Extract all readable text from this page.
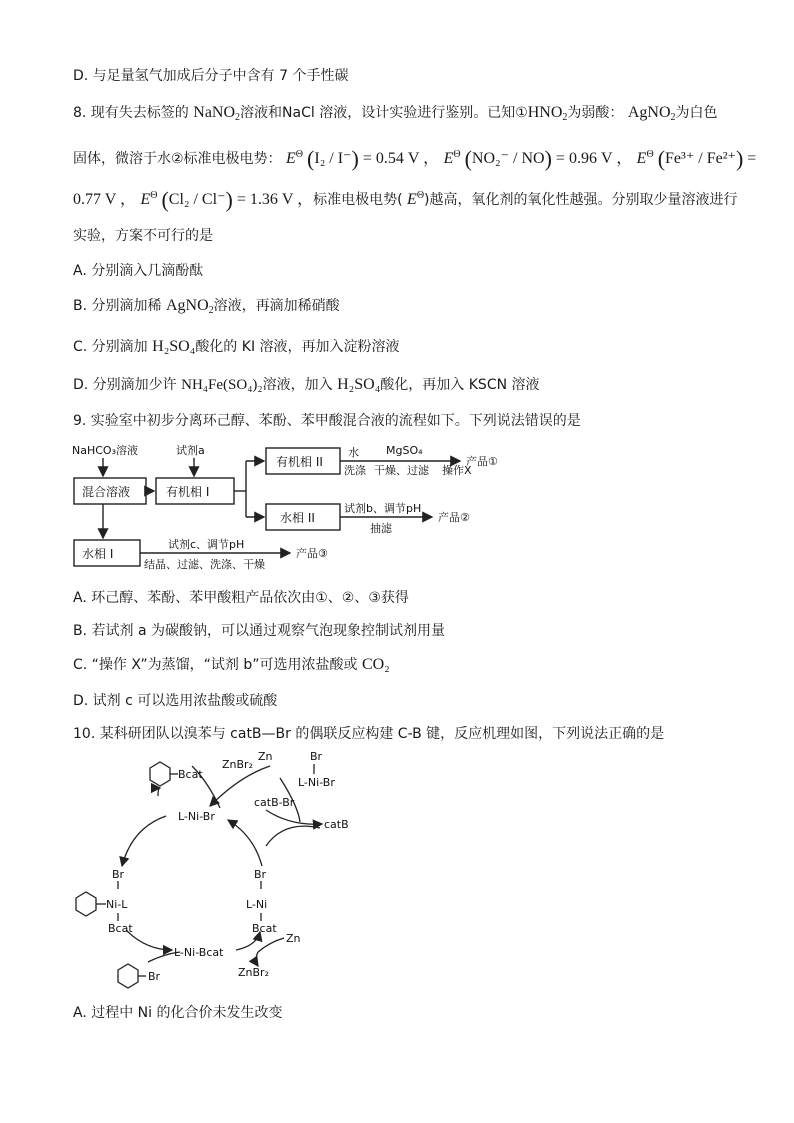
D. 与足量氢气加成后分子中含有 7 个手性碳
8. 现有失去标签的 NaNO$_2$溶液和NaCl 溶液，设计实验进行鉴别。已知$①HNO_2$为弱酸： AgNO$_2$为白色
固体，微溶于水②标准电极电势： $E^\Theta$ (I₂ / I⁻) = 0.54 V ， $E^\Theta$ (NO₂⁻ / NO) = 0.96 V ， $E^\Theta$ (Fe³⁺ / Fe²⁺) =
0.77 V ， $E^\Theta$ (Cl₂ / Cl⁻) = 1.36 V ，标准电极电势( $E^\Theta$)越高，氧化剂的氧化性越强。分别取少量溶液进行
实验，方案不可行的是
A. 分别滴入几滴酚酞
B. 分别滴加稀 AgNO$_2$溶液，再滴加稀硝酸
C. 分别滴加 H₂SO₄酸化的 KI 溶液，再加入淀粉溶液
D. 分别滴加少许 NH₄Fe(SO₄)₂溶液，加入 H₂SO₄酸化，再加入 KSCN 溶液
9. 实验室中初步分离环己醇、苯酚、苯甲酸混合液的流程如下。下列说法错误的是
NaHCO₃溶液	试剂a
混合溶液	有机相 I
有机相 II
水相 II
水相 I
水
洗涤
MgSO₄
干燥、过滤 操作X
产品①
试剂b、调节pH
抽滤
产品②
试剂c、调节pH
结晶、过滤、洗涤、干燥
产品③
A. 环己醇、苯酚、苯甲酸粗产品依次由①、②、③获得
B. 若试剂 a 为碳酸钠，可以通过观察气泡现象控制试剂用量
C. “操作 X”为蒸馏，“试剂 b”可选用浓盐酸或 CO₂
D. 试剂 c 可以选用浓盐酸或硫酸
10. 某科研团队以溴苯与 catB—Br 的偶联反应构建 C-B 键，反应机理如图，下列说法正确的是
Bcat
ZnBr₂
Zn	Br
L-Ni-Br
L-Ni-Br
catB-Br
catB
Br
Ni-L
Bcat
Br
L-Ni
Bcat
L-Ni-Bcat
Zn
ZnBr₂
Br
A. 过程中 Ni 的化合价未发生改变
